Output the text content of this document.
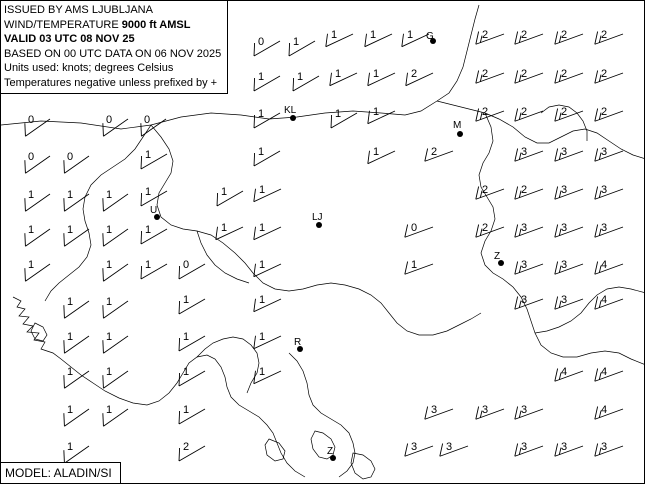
0	1
1	1	1	2	2	2	2
1	1	1	1	2	2	2	2	2
0	0	0	1	1	1	2	2	2	2
0	0	1	1	1	2	3	3	3
1	1	1	1	1	1	2	2	3	3
1	1	1	1	1	1	0	2	3	3	3
1	1	1	0	1	1	3	3	4
1	1	1	1	3	3	4
1	1	1	1
4	4
1	1	1	1
1	1	1	3	3	3	4
1	2	3	3	3	3	3
G
KL
M
U
LJ
Z
R
Z
ISSUED BY AMS LJUBLJANA
WIND/TEMPERATURE 9000 ft AMSL
VALID 03 UTC 08 NOV 25
BASED ON 00 UTC DATA ON 06 NOV 2025
Units used: knots; degrees Celsius
Temperatures negative unless prefixed by +
MODEL: ALADIN/SI
